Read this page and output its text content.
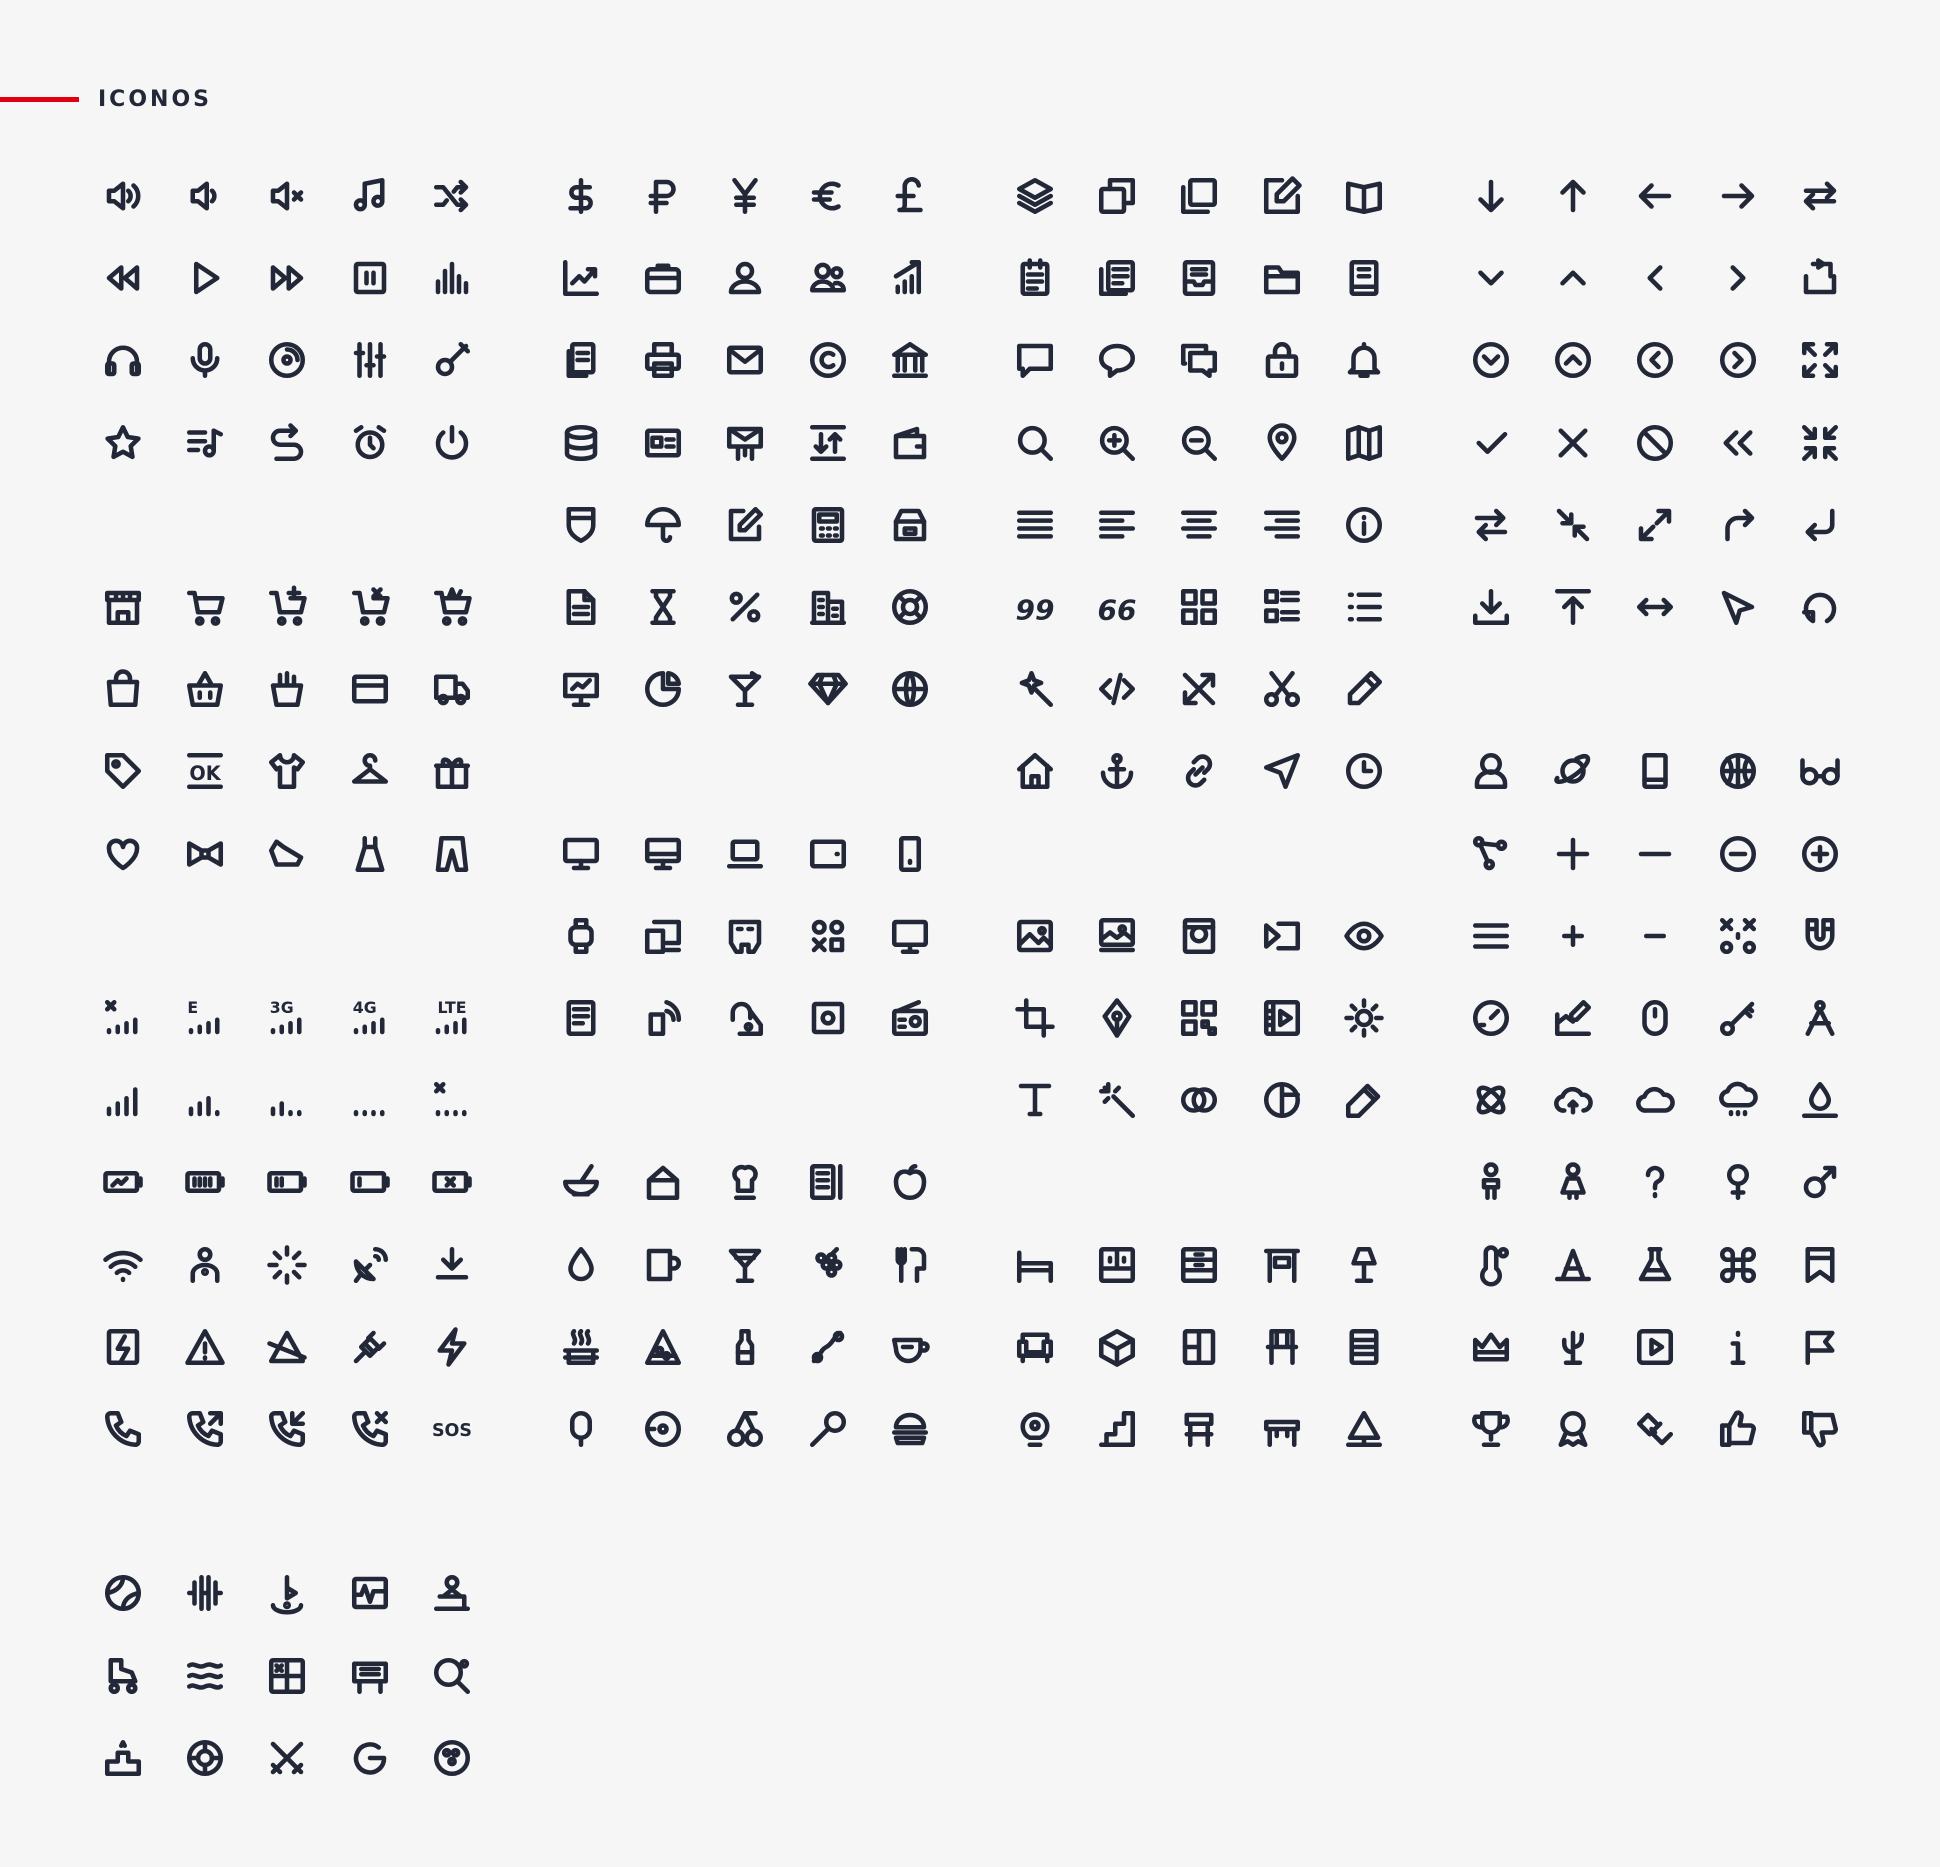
ICONOS
99	66
OK
E	3G	4G	LTE
SOS
